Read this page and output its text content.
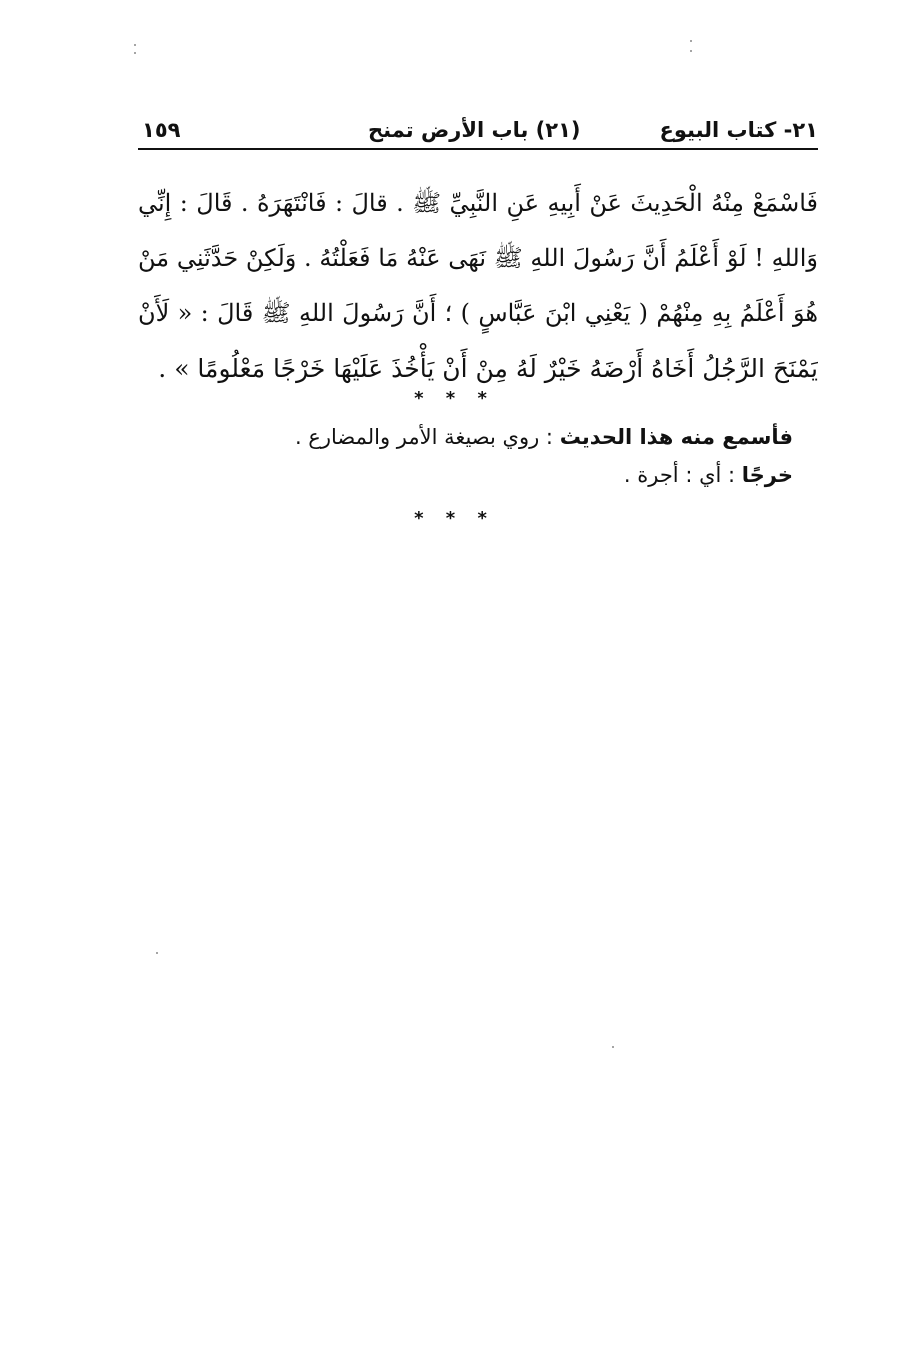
٢١- كتاب البيوع
(٢١) باب الأرض تمنح
١٥٩
فَاسْمَعْ مِنْهُ الْحَدِيثَ عَنْ أَبِيهِ عَنِ النَّبِيِّ ﷺ . قالَ : فَانْتَهَرَهُ . قَالَ : إِنِّي
وَاللهِ ! لَوْ أَعْلَمُ أَنَّ رَسُولَ اللهِ ﷺ نَهَى عَنْهُ مَا فَعَلْتُهُ . وَلَكِنْ حَدَّثَنِي مَنْ
هُوَ أَعْلَمُ بِهِ مِنْهُمْ ( يَعْنِي ابْنَ عَبَّاسٍ ) ؛ أَنَّ رَسُولَ اللهِ ﷺ قَالَ : « لَأَنْ
يَمْنَحَ الرَّجُلُ أَخَاهُ أَرْضَهُ خَيْرٌ لَهُ مِنْ أَنْ يَأْخُذَ عَلَيْهَا خَرْجًا مَعْلُومًا » .
* * *
فأسمع منه هذا الحديث : روي بصيغة الأمر والمضارع .
خرجًا : أي : أجرة .
* * *
